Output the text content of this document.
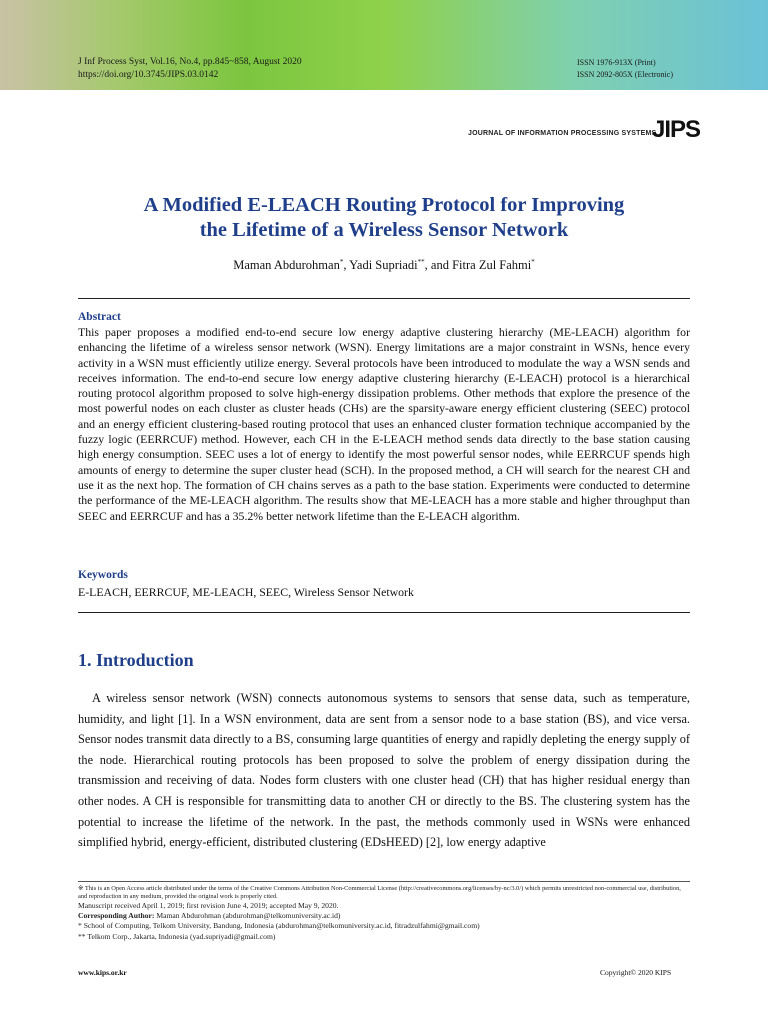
J Inf Process Syst, Vol.16, No.4, pp.845~858, August 2020
https://doi.org/10.3745/JIPS.03.0142
ISSN 1976-913X (Print)
ISSN 2092-805X (Electronic)
JOURNAL OF INFORMATION PROCESSING SYSTEMS
JIPS
A Modified E-LEACH Routing Protocol for Improving
the Lifetime of a Wireless Sensor Network
Maman Abdurohman*, Yadi Supriadi**, and Fitra Zul Fahmi*
Abstract
This paper proposes a modified end-to-end secure low energy adaptive clustering hierarchy (ME-LEACH) algorithm for enhancing the lifetime of a wireless sensor network (WSN). Energy limitations are a major constraint in WSNs, hence every activity in a WSN must efficiently utilize energy. Several protocols have been introduced to modulate the way a WSN sends and receives information. The end-to-end secure low energy adaptive clustering hierarchy (E-LEACH) protocol is a hierarchical routing protocol algorithm proposed to solve high-energy dissipation problems. Other methods that explore the presence of the most powerful nodes on each cluster as cluster heads (CHs) are the sparsity-aware energy efficient clustering (SEEC) protocol and an energy efficient clustering-based routing protocol that uses an enhanced cluster formation technique accompanied by the fuzzy logic (EERRCUF) method. However, each CH in the E-LEACH method sends data directly to the base station causing high energy consumption. SEEC uses a lot of energy to identify the most powerful sensor nodes, while EERRCUF spends high amounts of energy to determine the super cluster head (SCH). In the proposed method, a CH will search for the nearest CH and use it as the next hop. The formation of CH chains serves as a path to the base station. Experiments were conducted to determine the performance of the ME-LEACH algorithm. The results show that ME-LEACH has a more stable and higher throughput than SEEC and EERRCUF and has a 35.2% better network lifetime than the E-LEACH algorithm.
Keywords
E-LEACH, EERRCUF, ME-LEACH, SEEC, Wireless Sensor Network
1. Introduction
A wireless sensor network (WSN) connects autonomous systems to sensors that sense data, such as temperature, humidity, and light [1]. In a WSN environment, data are sent from a sensor node to a base station (BS), and vice versa. Sensor nodes transmit data directly to a BS, consuming large quantities of energy and rapidly depleting the energy supply of the node. Hierarchical routing protocols has been proposed to solve the problem of energy dissipation during the transmission and receiving of data. Nodes form clusters with one cluster head (CH) that has higher residual energy than other nodes. A CH is responsible for transmitting data to another CH or directly to the BS. The clustering system has the potential to increase the lifetime of the network. In the past, the methods commonly used in WSNs were enhanced simplified hybrid, energy-efficient, distributed clustering (EDsHEED) [2], low energy adaptive
※ This is an Open Access article distributed under the terms of the Creative Commons Attribution Non-Commercial License (http://creativecommons.org/licenses/by-nc/3.0/) which permits unrestricted non-commercial use, distribution, and reproduction in any medium, provided the original work is properly cited.
Manuscript received April 1, 2019; first revision June 4, 2019; accepted May 9, 2020.
Corresponding Author: Maman Abdurohman (abdurohman@telkomuniversity.ac.id)
* School of Computing, Telkom University, Bandung, Indonesia (abdurohman@telkomuniversity.ac.id, fitradzulfahmi@gmail.com)
** Telkom Corp., Jakarta, Indonesia (yad.supriyadi@gmail.com)
www.kips.or.kr	Copyright© 2020 KIPS
